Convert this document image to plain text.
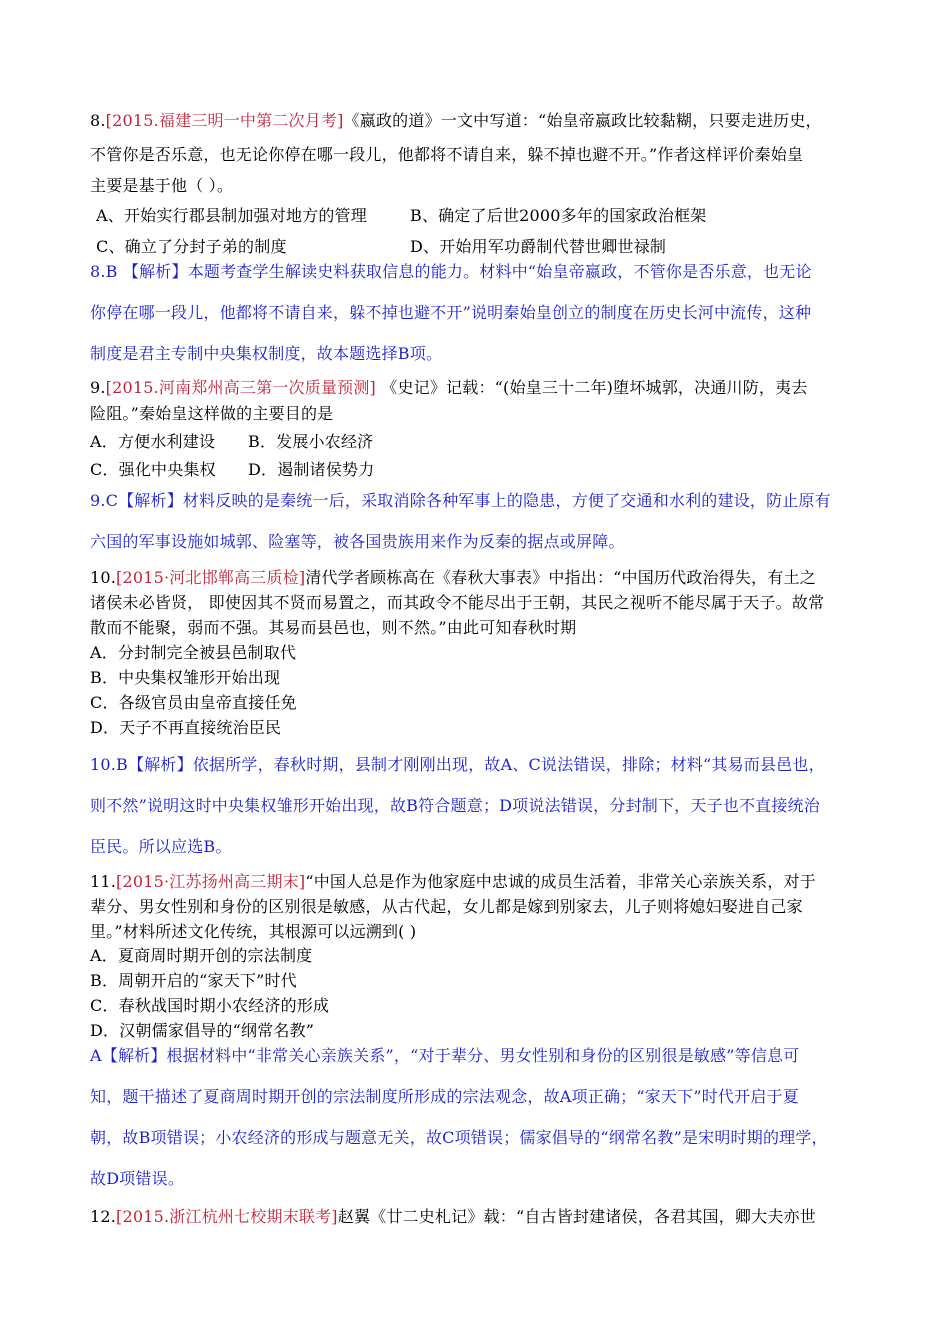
8.[2015.福建三明一中第二次月考]《嬴政的道》一文中写道：“始皇帝嬴政比较黏糊，只要走进历史，
不管你是否乐意，也无论你停在哪一段儿，他都将不请自来，躲不掉也避不开。”作者这样评价秦始皇
主要是基于他（ ）。
A、开始实行郡县制加强对地方的管理	B、确定了后世2000多年的国家政治框架
C、确立了分封子弟的制度	D、开始用军功爵制代替世卿世禄制
8.B 【解析】本题考查学生解读史料获取信息的能力。材料中“始皇帝嬴政，不管你是否乐意，也无论
你停在哪一段儿，他都将不请自来，躲不掉也避不开”说明秦始皇创立的制度在历史长河中流传，这种
制度是君主专制中央集权制度，故本题选择B项。
9.[2015.河南郑州高三第一次质量预测] 《史记》记载：“(始皇三十二年)堕坏城郭，决通川防，夷去
险阻。”秦始皇这样做的主要目的是
A．方便水利建设 B．发展小农经济
C．强化中央集权 D．遏制诸侯势力
9.C【解析】材料反映的是秦统一后，采取消除各种军事上的隐患，方便了交通和水利的建设，防止原有
六国的军事设施如城郭、险塞等，被各国贵族用来作为反秦的据点或屏障。
10.[2015·河北邯郸高三质检]清代学者顾栋高在《春秋大事表》中指出：“中国历代政治得失，有土之
诸侯未必皆贤， 即使因其不贤而易置之，而其政令不能尽出于王朝，其民之视听不能尽属于天子。故常
散而不能聚，弱而不强。其易而县邑也，则不然。”由此可知春秋时期
A．分封制完全被县邑制取代
B．中央集权雏形开始出现
C．各级官员由皇帝直接任免
D．天子不再直接统治臣民
10.B【解析】依据所学，春秋时期，县制才刚刚出现，故A、C说法错误，排除；材料“其易而县邑也，
则不然”说明这时中央集权雏形开始出现，故B符合题意；D项说法错误，分封制下，天子也不直接统治
臣民。所以应选B。
11.[2015·江苏扬州高三期末]“中国人总是作为他家庭中忠诚的成员生活着，非常关心亲族关系，对于
辈分、男女性别和身份的区别很是敏感，从古代起，女儿都是嫁到别家去，儿子则将媳妇娶进自己家
里。”材料所述文化传统，其根源可以远溯到( )
A．夏商周时期开创的宗法制度
B．周朝开启的“家天下”时代
C．春秋战国时期小农经济的形成
D．汉朝儒家倡导的“纲常名教”
A【解析】根据材料中“非常关心亲族关系”，“对于辈分、男女性别和身份的区别很是敏感”等信息可
知，题干描述了夏商周时期开创的宗法制度所形成的宗法观念，故A项正确；“家天下”时代开启于夏
朝，故B项错误；小农经济的形成与题意无关，故C项错误；儒家倡导的“纲常名教”是宋明时期的理学，
故D项错误。
12.[2015.浙江杭州七校期末联考]赵翼《廿二史札记》载：“自古皆封建诸侯，各君其国，卿大夫亦世
